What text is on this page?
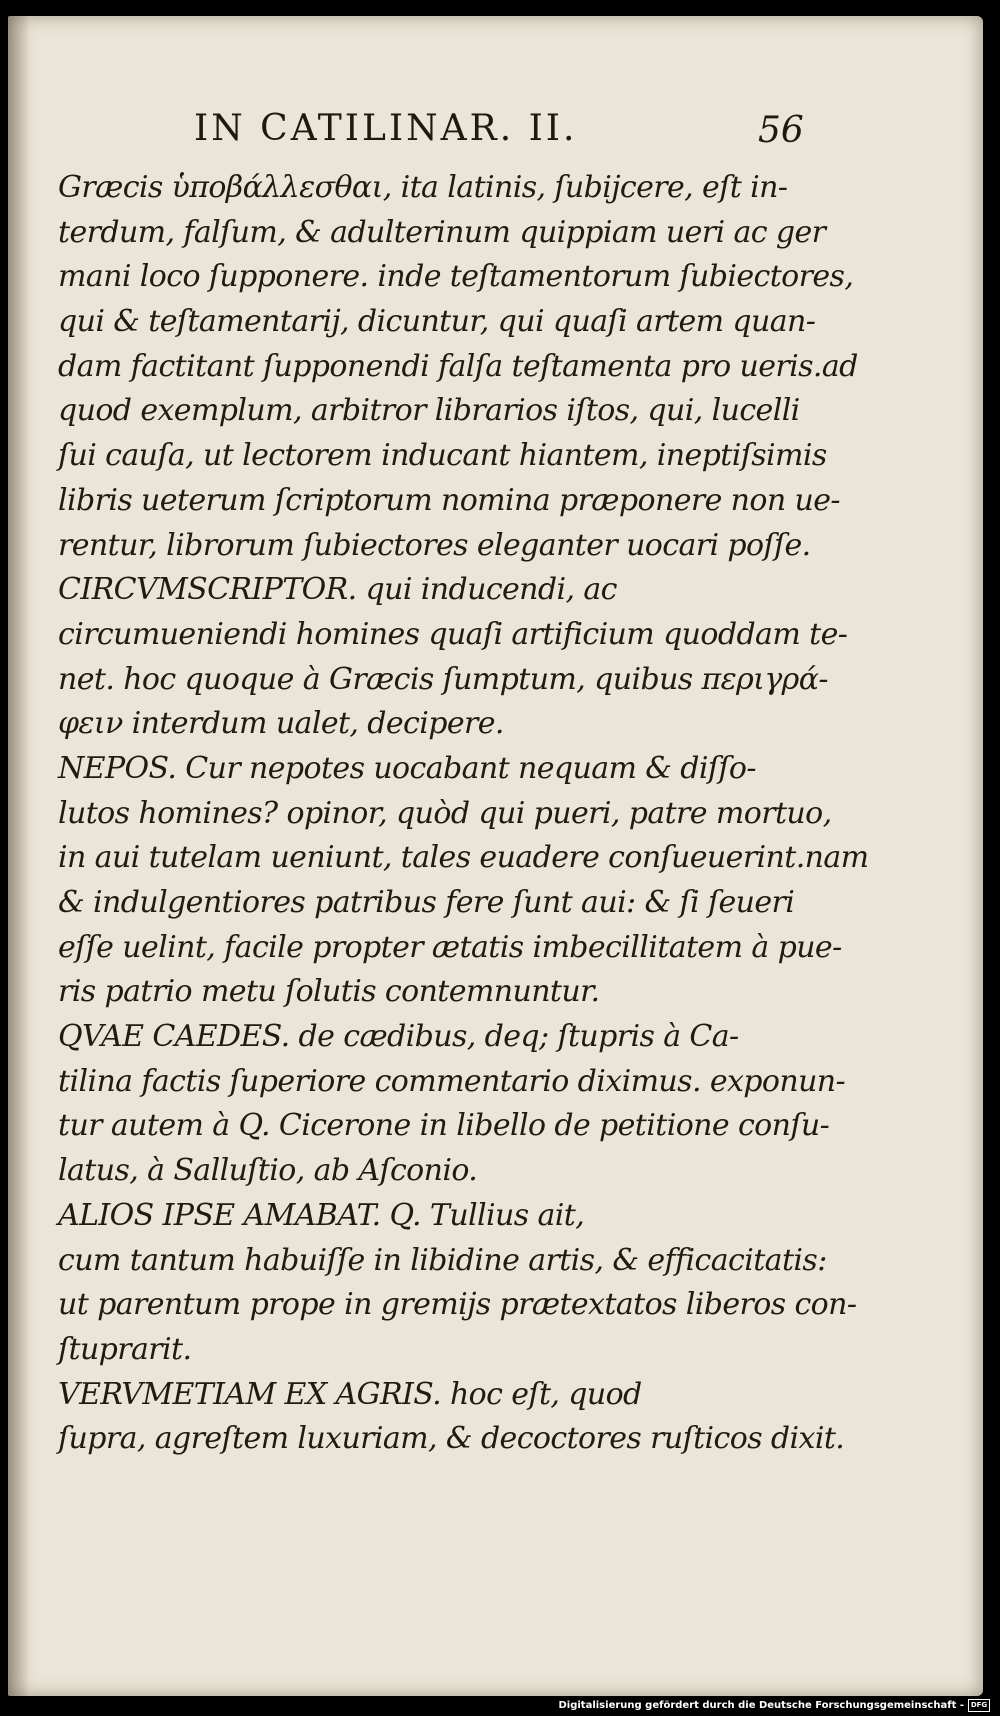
IN CATILINAR. II.	56
Græcis ὑποβάλλεσθαι, ita latinis, ſubijcere, eſt in-
terdum, falſum, & adulterinum quippiam ueri ac ger
mani loco ſupponere. inde teſtamentorum ſubiectores,
qui & teſtamentarij, dicuntur, qui quaſi artem quan-
dam factitant ſupponendi falſa teſtamenta pro ueris.ad
quod exemplum, arbitror librarios iſtos, qui, lucelli
ſui cauſa, ut lectorem inducant hiantem, ineptiſsimis
libris ueterum ſcriptorum nomina præponere non ue-
rentur, librorum ſubiectores eleganter uocari poſſe.
CIRCVMSCRIPTOR. qui inducendi, ac
circumueniendi homines quaſi artificium quoddam te-
net. hoc quoque à Græcis ſumptum, quibus περιγρά-
φειν interdum ualet, decipere.
NEPOS. Cur nepotes uocabant nequam & diſſo-
lutos homines? opinor, quòd qui pueri, patre mortuo,
in aui tutelam ueniunt, tales euadere conſueuerint.nam
& indulgentiores patribus fere ſunt aui: & ſi ſeueri
eſſe uelint, facile propter ætatis imbecillitatem à pue-
ris patrio metu ſolutis contemnuntur.
QVAE CAEDES. de cædibus, deq; ſtupris à Ca-
tilina factis ſuperiore commentario diximus. exponun-
tur autem à Q. Cicerone in libello de petitione conſu-
latus, à Salluſtio, ab Aſconio.
ALIOS IPSE AMABAT. Q. Tullius ait,
cum tantum habuiſſe in libidine artis, & efficacitatis:
ut parentum prope in gremijs prætextatos liberos con-
ſtuprarit.
VERVMETIAM EX AGRIS. hoc eſt, quod
ſupra, agreſtem luxuriam, & decoctores ruſticos dixit.
Digitalisierung gefördert durch die Deutsche Forschungsgemeinschaft - DFG
